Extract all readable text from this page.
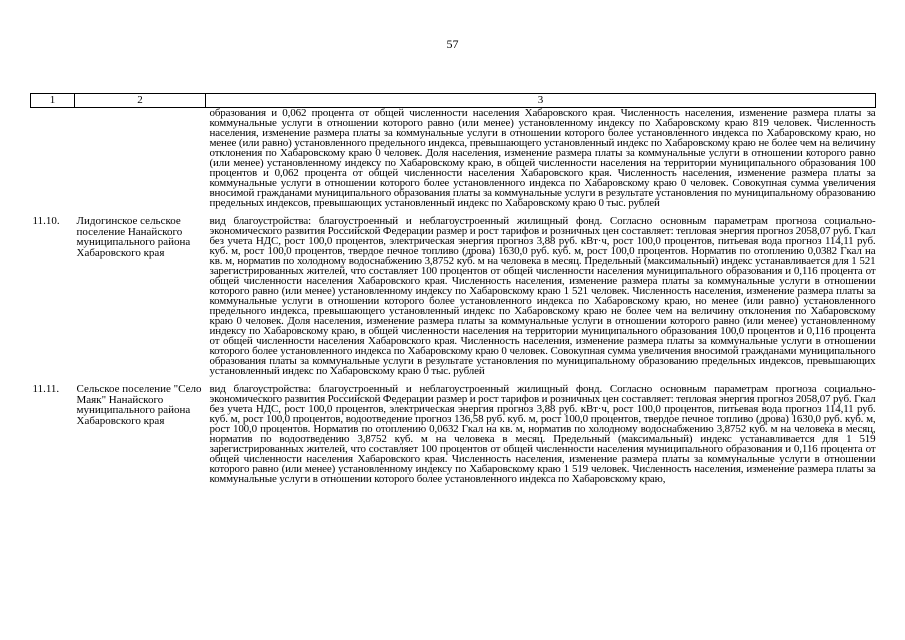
57
1	2	3
		образования и 0,062 процента от общей численности населения Хабаровского края. Численность населения, изменение размера платы за коммунальные услуги в отношении которого равно (или менее) установленному индексу по Хабаровскому краю 819 человек. Численность населения, изменение размера платы за коммунальные услуги в отношении которого более установленного индекса по Хабаровскому краю, но менее (или равно) установленного предельного индекса, превышающего установленный индекс по Хабаровскому краю не более чем на величину отклонения по Хабаровскому краю 0 человек. Доля населения, изменение размера платы за коммунальные услуги в отношении которого равно (или менее) установленному индексу по Хабаровскому краю, в общей численности населения на территории муниципального образования 100 процентов и 0,062 процента от общей численности населения Хабаровского края. Численность населения, изменение размера платы за коммунальные услуги в отношении которого более установленного индекса по Хабаровскому краю 0 человек. Совокупная сумма увеличения вносимой гражданами муниципального образования платы за коммунальные услуги в результате установления по муниципальному образованию предельных индексов, превышающих установленный индекс по Хабаровскому краю 0 тыс. рублей

11.10.	Лидогинское сельское поселение Нанайского муниципального района Хабаровского края	вид благоустройства: благоустроенный и неблагоустроенный жилищный фонд. Согласно основным параметрам прогноза социально-экономического развития Российской Федерации размер и рост тарифов и розничных цен составляет: тепловая энергия прогноз 2058,07 руб. Гкал без учета НДС, рост 100,0 процентов, электрическая энергия прогноз 3,88 руб. кВт·ч, рост 100,0 процентов, питьевая вода прогноз 114,11 руб. куб. м, рост 100,0 процентов, твердое печное топливо (дрова) 1630,0 руб. куб. м, рост 100,0 процентов. Норматив по отоплению 0,0382 Гкал на кв. м, норматив по холодному водоснабжению 3,8752 куб. м на человека в месяц. Предельный (максимальный) индекс устанавливается для 1 521 зарегистрированных жителей, что составляет 100 процентов от общей численности населения муниципального образования и 0,116 процента от общей численности населения Хабаровского края. Численность населения, изменение размера платы за коммунальные услуги в отношении которого равно (или менее) установленному индексу по Хабаровскому краю 1 521 человек. Численность населения, изменение размера платы за коммунальные услуги в отношении которого более установленного индекса по Хабаровскому краю, но менее (или равно) установленного предельного индекса, превышающего установленный индекс по Хабаровскому краю не более чем на величину отклонения по Хабаровскому краю 0 человек. Доля населения, изменение размера платы за коммунальные услуги в отношении которого равно (или менее) установленному индексу по Хабаровскому краю, в общей численности населения на территории муниципального образования 100,0 процентов и 0,116 процента от общей численности населения Хабаровского края. Численность населения, изменение размера платы за коммунальные услуги в отношении которого более установленного индекса по Хабаровскому краю 0 человек. Совокупная сумма увеличения вносимой гражданами муниципального образования платы за коммунальные услуги в результате установления по муниципальному образованию предельных индексов, превышающих установленный индекс по Хабаровскому краю 0 тыс. рублей

11.11.	Сельское поселение "Село Маяк" Нанайского муниципального района Хабаровского края	вид благоустройства: благоустроенный и неблагоустроенный жилищный фонд. Согласно основным параметрам прогноза социально-экономического развития Российской Федерации размер и рост тарифов и розничных цен составляет: тепловая энергия прогноз 2058,07 руб. Гкал без учета НДС, рост 100,0 процентов, электрическая энергия прогноз 3,88 руб. кВт·ч, рост 100,0 процентов, питьевая вода прогноз 114,11 руб. куб. м, рост 100,0 процентов, водоотведение прогноз 136,58 руб. куб. м, рост 100,0 процентов, твердое печное топливо (дрова) 1630,0 руб. куб. м, рост 100,0 процентов. Норматив по отоплению 0,0632 Гкал на кв. м, норматив по холодному водоснабжению 3,8752 куб. м на человека в месяц, норматив по водоотведению 3,8752 куб. м на человека в месяц. Предельный (максимальный) индекс устанавливается для 1 519 зарегистрированных жителей, что составляет 100 процентов от общей численности населения муниципального образования и 0,116 процента от общей численности населения Хабаровского края. Численность населения, изменение размера платы за коммунальные услуги в отношении которого равно (или менее) установленному индексу по Хабаровскому краю 1 519 человек. Численность населения, изменение размера платы за коммунальные услуги в отношении которого более установленного индекса по Хабаровскому краю,
